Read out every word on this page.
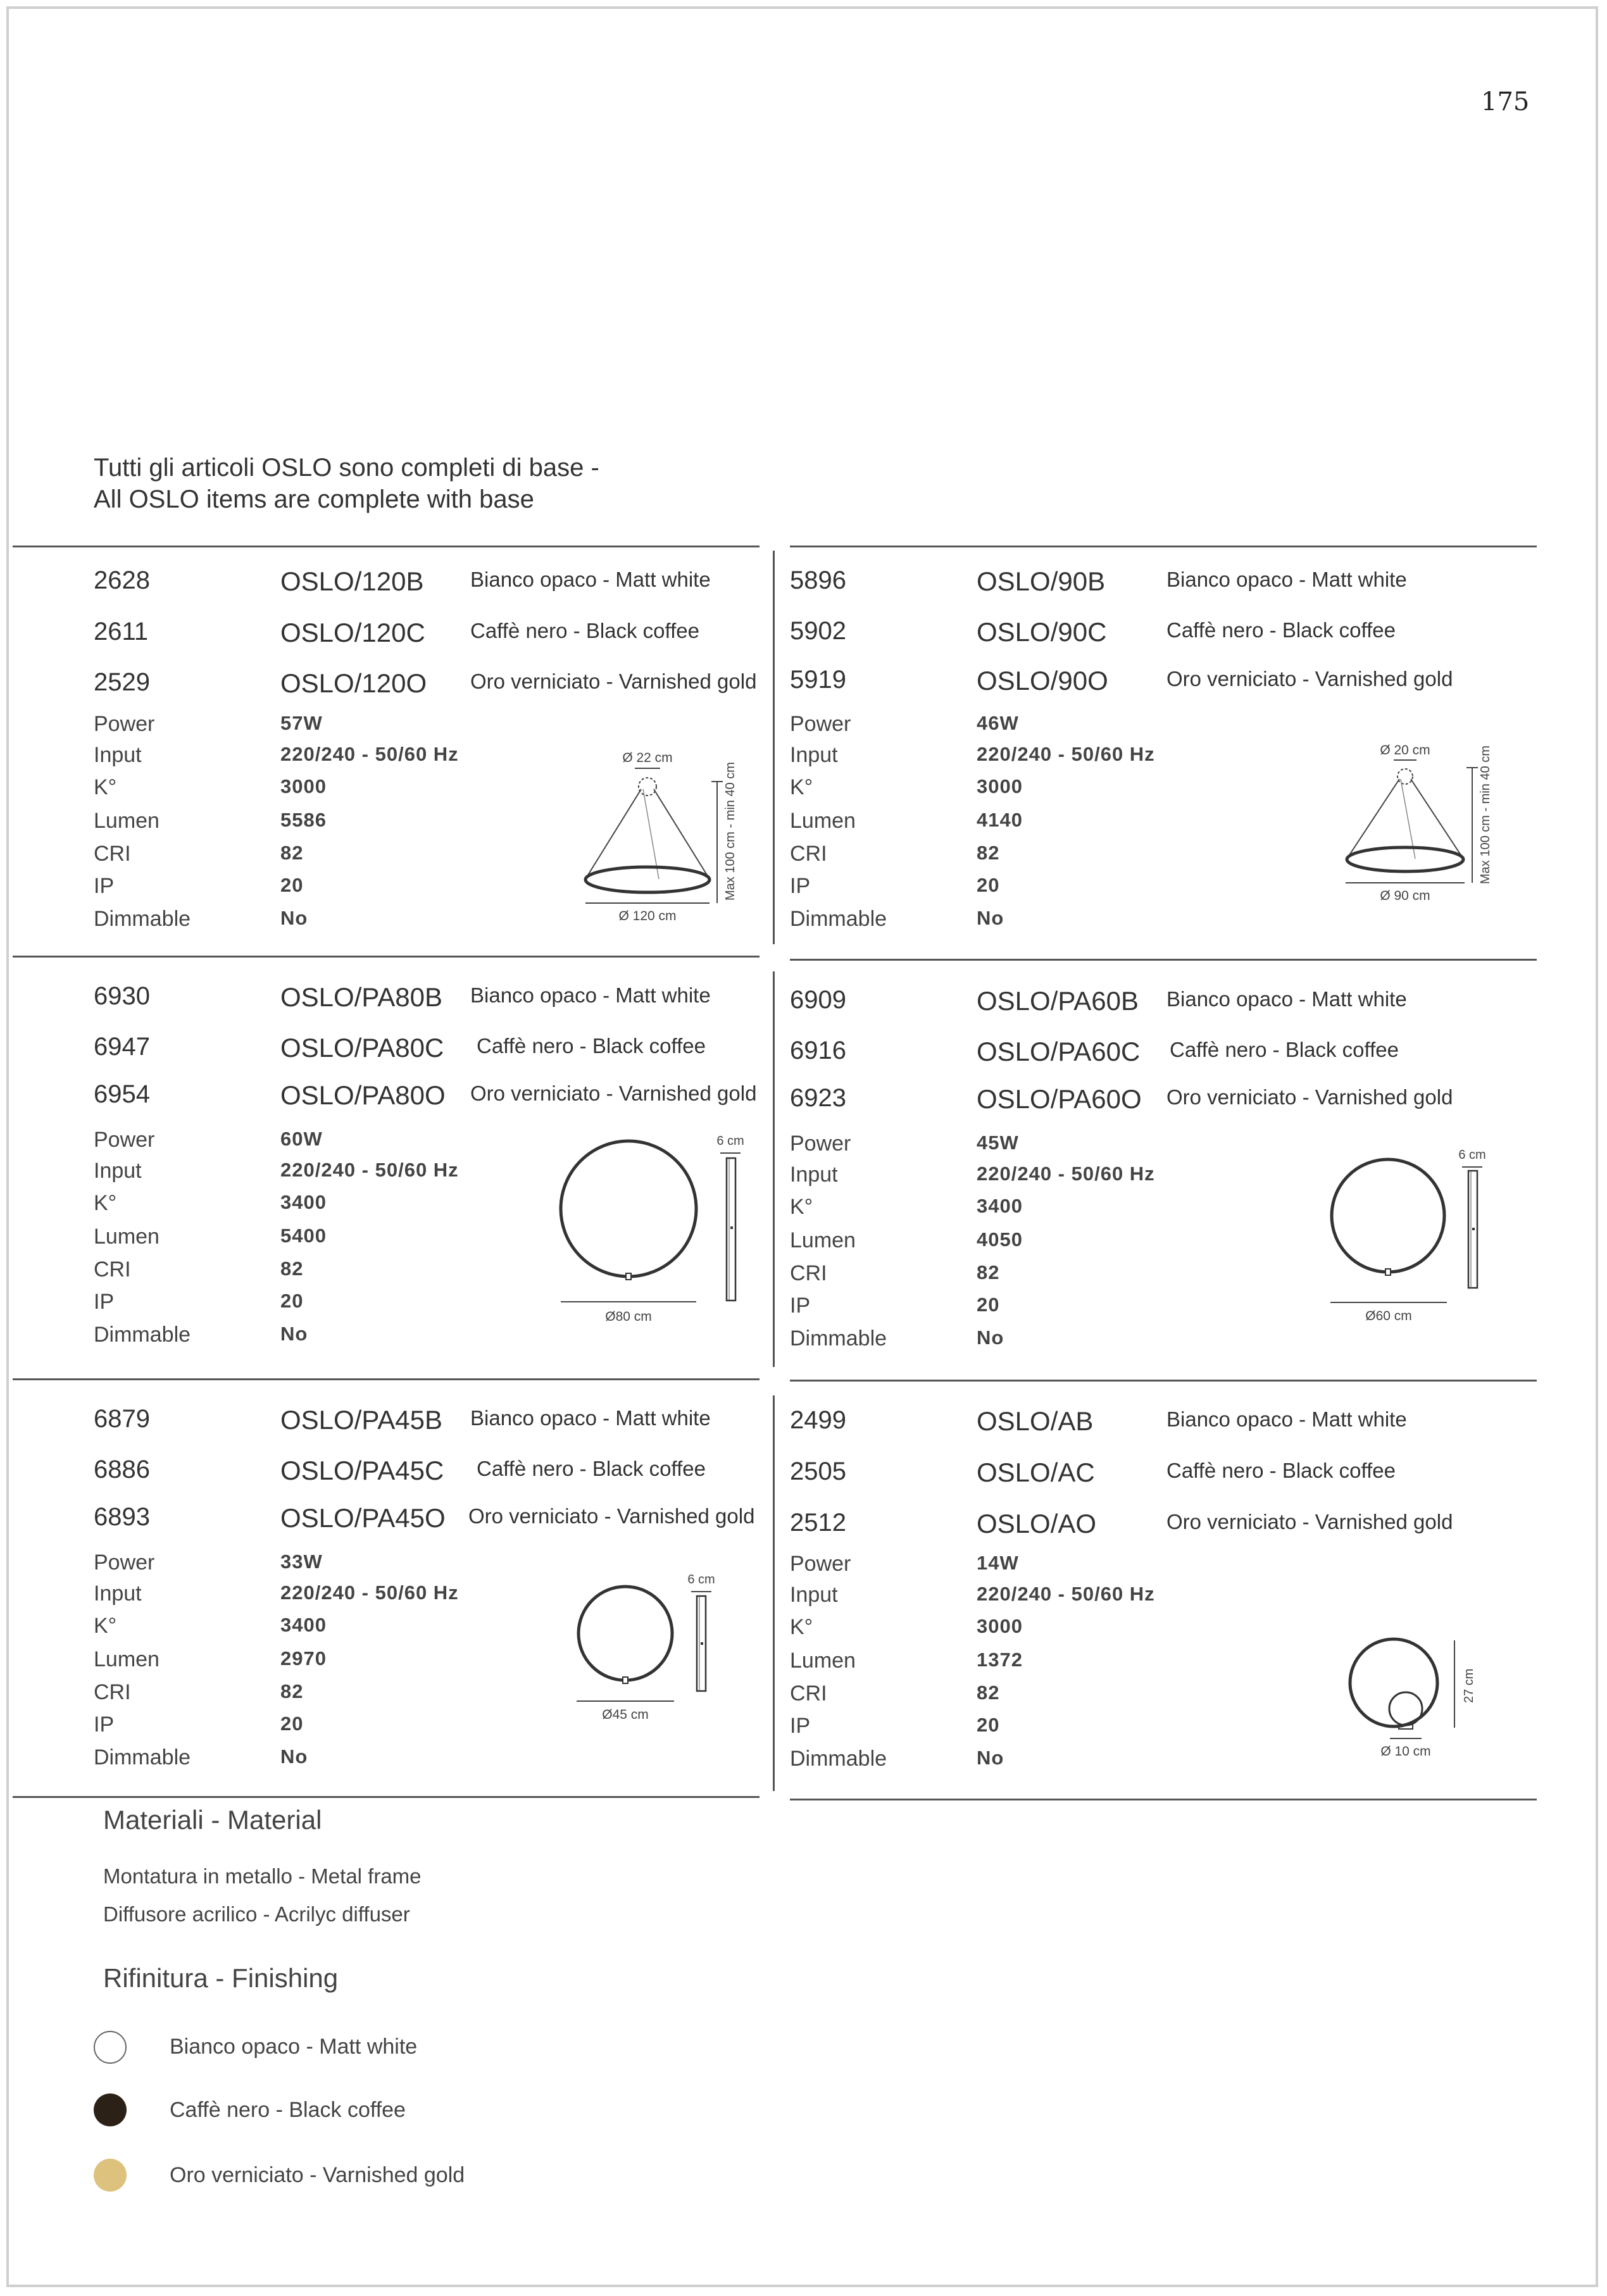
175
Tutti gli articoli OSLO sono completi di base -
All OSLO items are complete with base
2628	OSLO/120B Bianco opaco - Matt white
2611	OSLO/120C Caffè nero - Black coffee
2529	OSLO/120O Oro verniciato - Varnished gold
Power	57W
Input	220/240 - 50/60 Hz
K°	3000
Lumen	5586
CRI	82
IP	20
Dimmable	No
Ø 22 cm
Ø 120 cm
Max 100 cm - min 40 cm
5896	OSLO/90B	Bianco opaco - Matt white
5902	OSLO/90C	Caffè nero - Black coffee
5919	OSLO/90O	Oro verniciato - Varnished gold
Power	46W
Input	220/240 - 50/60 Hz
K°	3000
Lumen	4140
CRI	82
IP	20
Dimmable	No
Ø 20 cm
Ø 90 cm
Max 100 cm - min 40 cm
6930	OSLO/PA80B Bianco opaco - Matt white
6947	OSLO/PA80C Caffè nero - Black coffee
6954	OSLO/PA80O Oro verniciato - Varnished gold
Power	60W
Input	220/240 - 50/60 Hz
K°	3400
Lumen	5400
CRI	82
IP	20
Dimmable	No
Ø80 cm
6 cm
6909	OSLO/PA60B Bianco opaco - Matt white
6916	OSLO/PA60C Caffè nero - Black coffee
6923	OSLO/PA60O Oro verniciato - Varnished gold
Power	45W
Input	220/240 - 50/60 Hz
K°	3400
Lumen	4050
CRI	82
IP	20
Dimmable	No
Ø60 cm
6 cm
6879	OSLO/PA45B Bianco opaco - Matt white
6886	OSLO/PA45C Caffè nero - Black coffee
6893	OSLO/PA45O Oro verniciato - Varnished gold
Power	33W
Input	220/240 - 50/60 Hz
K°	3400
Lumen	2970
CRI	82
IP	20
Dimmable	No
Ø45 cm
6 cm
2499	OSLO/AB	Bianco opaco - Matt white
2505	OSLO/AC	Caffè nero - Black coffee
2512	OSLO/AO	Oro verniciato - Varnished gold
Power	14W
Input	220/240 - 50/60 Hz
K°	3000
Lumen	1372
CRI	82
IP	20
Dimmable	No	Ø 10 cm
27 cm
Materiali - Material
Montatura in metallo - Metal frame
Diffusore acrilico - Acrilyc diffuser
Rifinitura - Finishing
Bianco opaco - Matt white
Caffè nero - Black coffee
Oro verniciato - Varnished gold
